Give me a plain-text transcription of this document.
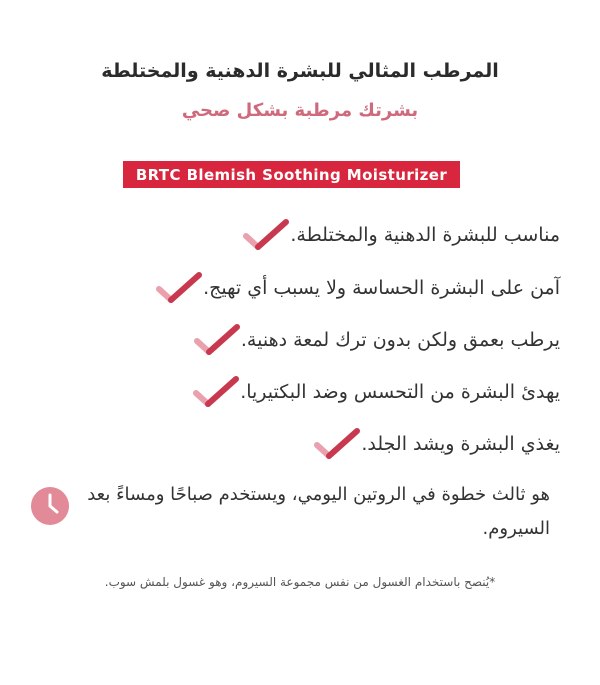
المرطب المثالي للبشرة الدهنية والمختلطة
بشرتك مرطبة بشكل صحي
BRTC Blemish Soothing Moisturizer
مناسب للبشرة الدهنية والمختلطة.
آمن على البشرة الحساسة ولا يسبب أي تهيج.
يرطب بعمق ولكن بدون ترك لمعة دهنية.
يهدئ البشرة من التحسس وضد البكتيريا.
يغذي البشرة ويشد الجلد.
هو ثالث خطوة في الروتين اليومي، ويستخدم صباحًا ومساءً بعد السيروم.
*يُنصح باستخدام الغسول من نفس مجموعة السيروم، وهو غسول بلمش سوب.
